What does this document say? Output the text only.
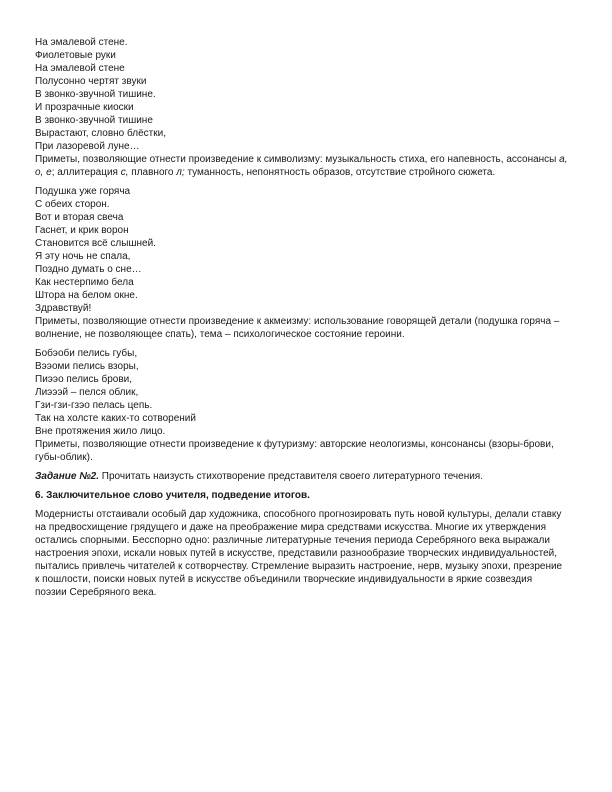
На эмалевой стене.
Фиолетовые руки
На эмалевой стене
Полусонно чертят звуки
В звонко-звучной тишине.
И прозрачные киоски
В звонко-звучной тишине
Вырастают, словно блёстки,
При лазоревой луне…
Приметы, позволяющие отнести произведение к символизму: музыкальность стиха, его напевность, ассонансы а,
о, е; аллитерация с, плавного л; туманность, непонятность образов, отсутствие стройного сюжета.
Подушка уже горяча
С обеих сторон.
Вот и вторая свеча
Гаснет, и крик ворон
Становится всё слышней.
Я эту ночь не спала,
Поздно думать о сне…
Как нестерпимо бела
Штора на белом окне.
Здравствуй!
Приметы, позволяющие отнести произведение к акмеизму: использование говорящей детали (подушка горяча –
волнение, не позволяющее спать), тема – психологическое состояние героини.
Бобэоби пелись губы,
Вээоми пелись взоры,
Пиээо пелись брови,
Лиэээй – пелся облик,
Гзи-гзи-гзэо пелась цепь.
Так на холсте каких-то сотворений
Вне протяжения жило лицо.
Приметы, позволяющие отнести произведение к футуризму: авторские неологизмы, консонансы (взоры-брови,
губы-облик).
Задание №2. Прочитать наизусть стихотворение представителя своего литературного течения.
6. Заключительное слово учителя, подведение итогов.
Модернисты отстаивали особый дар художника, способного прогнозировать путь новой культуры, делали ставку
на предвосхищение грядущего и даже на преображение мира средствами искусства. Многие их утверждения
остались спорными. Бесспорно одно: различные литературные течения периода Серебряного века выражали
настроения эпохи, искали новых путей в искусстве, представили разнообразие творческих индивидуальностей,
пытались привлечь читателей к сотворчеству. Стремление выразить настроение, нерв, музыку эпохи, презрение
к пошлости, поиски новых путей в искусстве объединили творческие индивидуальности в яркие созвездия
поэзии Серебряного века.
